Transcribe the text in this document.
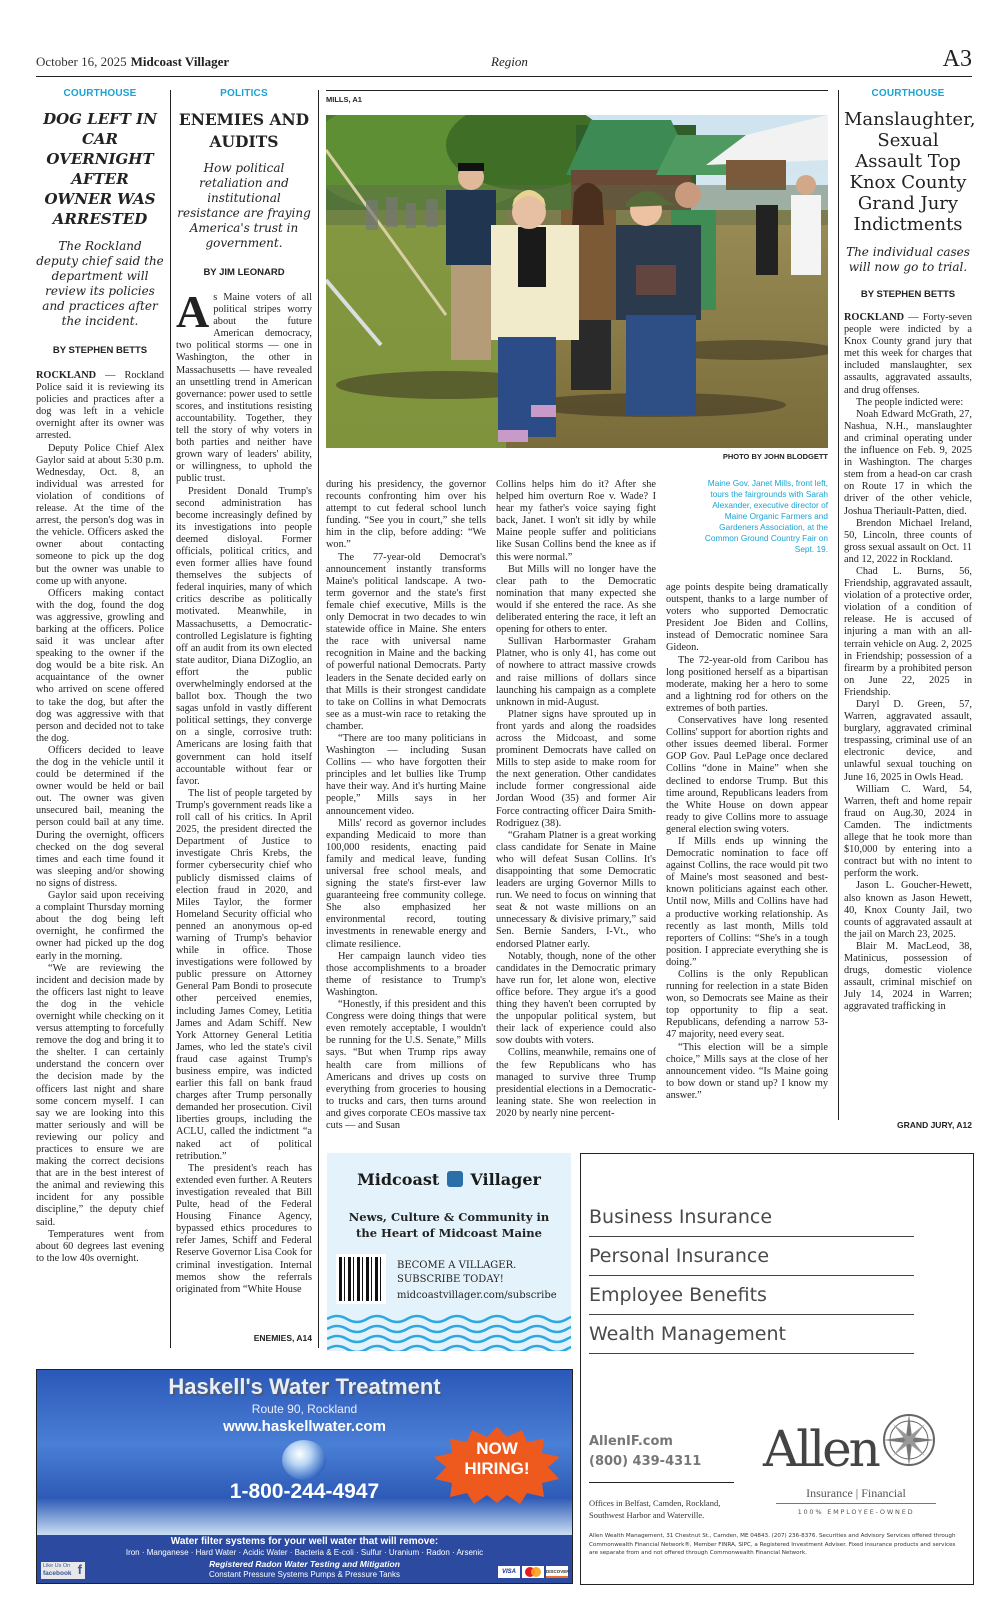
October 16, 2025 Midcoast Villager	Region	A3
COURTHOUSE
DOG LEFT IN CAR OVERNIGHT AFTER OWNER WAS ARRESTED
The Rockland deputy chief said the department will review its policies and practices after the incident.
BY STEPHEN BETTS

ROCKLAND — Rockland Police said it is reviewing its policies and practices after a dog was left in a vehicle overnight after its owner was arrested.

Deputy Police Chief Alex Gaylor said at about 5:30 p.m. Wednesday, Oct. 8, an individual was arrested for violation of conditions of release. At the time of the arrest, the person's dog was in the vehicle. Officers asked the owner about contacting someone to pick up the dog but the owner was unable to come up with anyone.

Officers making contact with the dog, found the dog was aggressive, growling and barking at the officers. Police said it was unclear after speaking to the owner if the dog would be a bite risk. An acquaintance of the owner who arrived on scene offered to take the dog, but after the dog was aggressive with that person and decided not to take the dog.

Officers decided to leave the dog in the vehicle until it could be determined if the owner would be held or bail out. The owner was given unsecured bail, meaning the person could bail at any time. During the overnight, officers checked on the dog several times and each time found it was sleeping and/or showing no signs of distress.

Gaylor said upon receiving a complaint Thursday morning about the dog being left overnight, he confirmed the owner had picked up the dog early in the morning.

“We are reviewing the incident and decision made by the officers last night to leave the dog in the vehicle overnight while checking on it versus attempting to forcefully remove the dog and bring it to the shelter. I can certainly understand the concern over the decision made by the officers last night and share some concern myself. I can say we are looking into this matter seriously and will be reviewing our policy and practices to ensure we are making the correct decisions that are in the best interest of the animal and reviewing this incident for any possible discipline,” the deputy chief said.

Temperatures went from about 60 degrees last evening to the low 40s overnight.

POLITICS
ENEMIES AND AUDITS
How political retaliation and institutional resistance are fraying America's trust in government.
BY JIM LEONARD

As Maine voters of all political stripes worry about the future American democracy, two political storms — one in Washington, the other in Massachusetts — have revealed an unsettling trend in American governance: power used to settle scores, and institutions resisting accountability. Together, they tell the story of why voters in both parties and neither have grown wary of leaders' ability, or willingness, to uphold the public trust.

President Donald Trump's second administration has become increasingly defined by its investigations into people deemed disloyal. Former officials, political critics, and even former allies have found themselves the subjects of federal inquiries, many of which critics describe as politically motivated. Meanwhile, in Massachusetts, a Democratic-controlled Legislature is fighting off an audit from its own elected state auditor, Diana DiZoglio, an effort the public overwhelmingly endorsed at the ballot box. Though the two sagas unfold in vastly different political settings, they converge on a single, corrosive truth: Americans are losing faith that government can hold itself accountable without fear or favor.

The list of people targeted by Trump's government reads like a roll call of his critics. In April 2025, the president directed the Department of Justice to investigate Chris Krebs, the former cybersecurity chief who publicly dismissed claims of election fraud in 2020, and Miles Taylor, the former Homeland Security official who penned an anonymous op-ed warning of Trump's behavior while in office. Those investigations were followed by public pressure on Attorney General Pam Bondi to prosecute other perceived enemies, including James Comey, Letitia James and Adam Schiff. New York Attorney General Letitia James, who led the state's civil fraud case against Trump's business empire, was indicted earlier this fall on bank fraud charges after Trump personally demanded her prosecution. Civil liberties groups, including the ACLU, called the indictment “a naked act of political retribution.”

The president's reach has extended even further. A Reuters investigation revealed that Bill Pulte, head of the Federal Housing Finance Agency, bypassed ethics procedures to refer James, Schiff and Federal Reserve Governor Lisa Cook for criminal investigation. Internal memos show the referrals originated from “White House

ENEMIES, A14
MILLS, A1
PHOTO BY JOHN BLODGETT
Maine Gov. Janet Mills, front left, tours the fairgrounds with Sarah Alexander, executive director of Maine Organic Farmers and Gardeners Association, at the Common Ground Country Fair on Sept. 19.

during his presidency, the governor recounts confronting him over his attempt to cut federal school lunch funding. “See you in court,” she tells him in the clip, before adding: “We won.”

The 77-year-old Democrat's announcement instantly transforms Maine's political landscape. A two-term governor and the state's first female chief executive, Mills is the only Democrat in two decades to win statewide office in Maine. She enters the race with universal name recognition in Maine and the backing of powerful national Democrats. Party leaders in the Senate decided early on that Mills is their strongest candidate to take on Collins in what Democrats see as a must-win race to retaking the chamber.

“There are too many politicians in Washington — including Susan Collins — who have forgotten their principles and let bullies like Trump have their way. And it's hurting Maine people,” Mills says in her announcement video.

Mills' record as governor includes expanding Medicaid to more than 100,000 residents, enacting paid family and medical leave, funding universal free school meals, and signing the state's first-ever law guaranteeing free community college. She also emphasized her environmental record, touting investments in renewable energy and climate resilience.

Her campaign launch video ties those accomplishments to a broader theme of resistance to Trump's Washington.

“Honestly, if this president and this Congress were doing things that were even remotely acceptable, I wouldn't be running for the U.S. Senate,” Mills says. “But when Trump rips away health care from millions of Americans and drives up costs on everything from groceries to housing to trucks and cars, then turns around and gives corporate CEOs massive tax cuts — and Susan

Collins helps him do it? After she helped him overturn Roe v. Wade? I hear my father's voice saying fight back, Janet. I won't sit idly by while Maine people suffer and politicians like Susan Collins bend the knee as if this were normal.”

But Mills will no longer have the clear path to the Democratic nomination that many expected she would if she entered the race. As she deliberated entering the race, it left an opening for others to enter.

Sullivan Harbormaster Graham Platner, who is only 41, has come out of nowhere to attract massive crowds and raise millions of dollars since launching his campaign as a complete unknown in mid-August.

Platner signs have sprouted up in front yards and along the roadsides across the Midcoast, and some prominent Democrats have called on Mills to step aside to make room for the next generation. Other candidates include former congressional aide Jordan Wood (35) and former Air Force contracting officer Daira Smith-Rodriguez (38).

“Graham Platner is a great working class candidate for Senate in Maine who will defeat Susan Collins. It's disappointing that some Democratic leaders are urging Governor Mills to run. We need to focus on winning that seat & not waste millions on an unnecessary & divisive primary,” said Sen. Bernie Sanders, I-Vt., who endorsed Platner early.

Notably, though, none of the other candidates in the Democratic primary have run for, let alone won, elective office before. They argue it's a good thing they haven't been corrupted by the unpopular political system, but their lack of experience could also sow doubts with voters.

Collins, meanwhile, remains one of the few Republicans who has managed to survive three Trump presidential elections in a Democratic-leaning state. She won reelection in 2020 by nearly nine percent-

age points despite being dramatically outspent, thanks to a large number of voters who supported Democratic President Joe Biden and Collins, instead of Democratic nominee Sara Gideon.

The 72-year-old from Caribou has long positioned herself as a bipartisan moderate, making her a hero to some and a lightning rod for others on the extremes of both parties.

Conservatives have long resented Collins' support for abortion rights and other issues deemed liberal. Former GOP Gov. Paul LePage once declared Collins “done in Maine” when she declined to endorse Trump. But this time around, Republicans leaders from the White House on down appear ready to give Collins more to assuage general election swing voters.

If Mills ends up winning the Democratic nomination to face off against Collins, the race would pit two of Maine's most seasoned and best-known politicians against each other. Until now, Mills and Collins have had a productive working relationship. As recently as last month, Mills told reporters of Collins: “She's in a tough position. I appreciate everything she is doing.”

Collins is the only Republican running for reelection in a state Biden won, so Democrats see Maine as their top opportunity to flip a seat. Republicans, defending a narrow 53-47 majority, need every seat.

“This election will be a simple choice,” Mills says at the close of her announcement video. “Is Maine going to bow down or stand up? I know my answer.”

COURTHOUSE
Manslaughter, Sexual Assault Top Knox County Grand Jury Indictments
The individual cases will now go to trial.
BY STEPHEN BETTS

ROCKLAND — Forty-seven people were indicted by a Knox County grand jury that met this week for charges that included manslaughter, sex assaults, aggravated assaults, and drug offenses.

The people indicted were:

Noah Edward McGrath, 27, Nashua, N.H., manslaughter and criminal operating under the influence on Feb. 9, 2025 in Washington. The charges stem from a head-on car crash on Route 17 in which the driver of the other vehicle, Joshua Theriault-Patten, died.

Brendon Michael Ireland, 50, Lincoln, three counts of gross sexual assault on Oct. 11 and 12, 2022 in Rockland.

Chad L. Burns, 56, Friendship, aggravated assault, violation of a protective order, violation of a condition of release. He is accused of injuring a man with an all-terrain vehicle on Aug. 2, 2025 in Friendship; possession of a firearm by a prohibited person on June 22, 2025 in Friendship.

Daryl D. Green, 57, Warren, aggravated assault, burglary, aggravated criminal trespassing, criminal use of an electronic device, and unlawful sexual touching on June 16, 2025 in Owls Head.

William C. Ward, 54, Warren, theft and home repair fraud on Aug.30, 2024 in Camden. The indictments allege that he took more than $10,000 by entering into a contract but with no intent to perform the work.

Jason L. Goucher-Hewett, also known as Jason Hewett, 40, Knox County Jail, two counts of aggravated assault at the jail on March 23, 2025.

Blair M. MacLeod, 38, Matinicus, possession of drugs, domestic violence assault, criminal mischief on July 14, 2024 in Warren; aggravated trafficking in

GRAND JURY, A12
Midcoast Villager
News, Culture & Community in the Heart of Midcoast Maine
BECOME A VILLAGER.
SUBSCRIBE TODAY!
midcoastvillager.com/subscribe
Business Insurance
Personal Insurance
Employee Benefits
Wealth Management
AllenIF.com
(800) 439-4311
Offices in Belfast, Camden, Rockland, Southwest Harbor and Waterville.
Allen
Insurance | Financial
100% EMPLOYEE-OWNED
Allen Wealth Management, 31 Chestnut St., Camden, ME 04843. (207) 236-8376. Securities and Advisory Services offered through Commonwealth Financial Network®, Member FINRA, SIPC, a Registered Investment Adviser. Fixed insurance products and services are separate from and not offered through Commonwealth Financial Network.
Haskell's Water Treatment
Route 90, Rockland
www.haskellwater.com
1-800-244-4947
NOW
HIRING!
Water filter systems for your well water that will remove:
Iron · Manganese · Hard Water · Acidic Water · Bacteria & E-coli · Sulfur · Uranium · Radon · Arsenic
Registered Radon Water Testing and Mitigation
Constant Pressure Systems Pumps & Pressure Tanks
Like Us On
facebook f	VISA	DISCOVER
